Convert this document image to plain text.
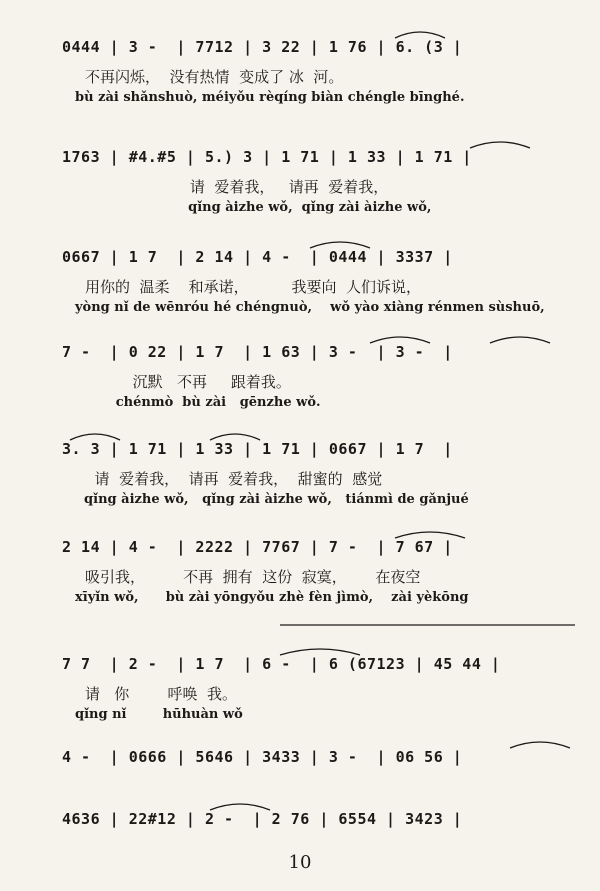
0444 | 3 -  | 7712 | 3 22 | 1 76 | 6. (3 |
不再闪烁，  没有热情  变成了 冰  河。
bù zài shǎnshuò, méiyǒu rèqíng biàn chéngle bīnghé.
1763 | #4.#5 | 5.) 3 | 1 71 | 1 33 | 1 71 |
请  爱着我，   请再  爱着我，
qǐng àizhe wǒ,  qǐng zài àizhe wǒ,
0667 | 1 7  | 2 14 | 4 -  | 0444 | 3337 |
用你的  温柔    和承诺，         我要向  人们诉说，
yòng nǐ de wēnróu hé chéngnuò,    wǒ yào xiàng rénmen sùshuō,
7 -  | 0 22 | 1 7  | 1 63 | 3 -  | 3 -  |
沉默   不再     跟着我。
chénmò  bù zài   gēnzhe wǒ.
3. 3 | 1 71 | 1 33 | 1 71 | 0667 | 1 7  |
请  爱着我，  请再  爱着我，  甜蜜的  感觉
qǐng àizhe wǒ,   qǐng zài àizhe wǒ,   tiánmì de gǎnjué
2 14 | 4 -  | 2222 | 7767 | 7 -  | 7 67 |
吸引我，        不再  拥有  这份  寂寞，      在夜空
xīyǐn wǒ,      bù zài yōngyǒu zhè fèn jìmò,    zài yèkōng
7 7  | 2 -  | 1 7  | 6 -  | 6 (67123 | 45 44 |
请   你        呼唤  我。
qǐng nǐ        hūhuàn wǒ
4 -  | 0666 | 5646 | 3433 | 3 -  | 06 56 |
4636 | 22#12 | 2 -  | 2 76 | 6554 | 3423 |
10
